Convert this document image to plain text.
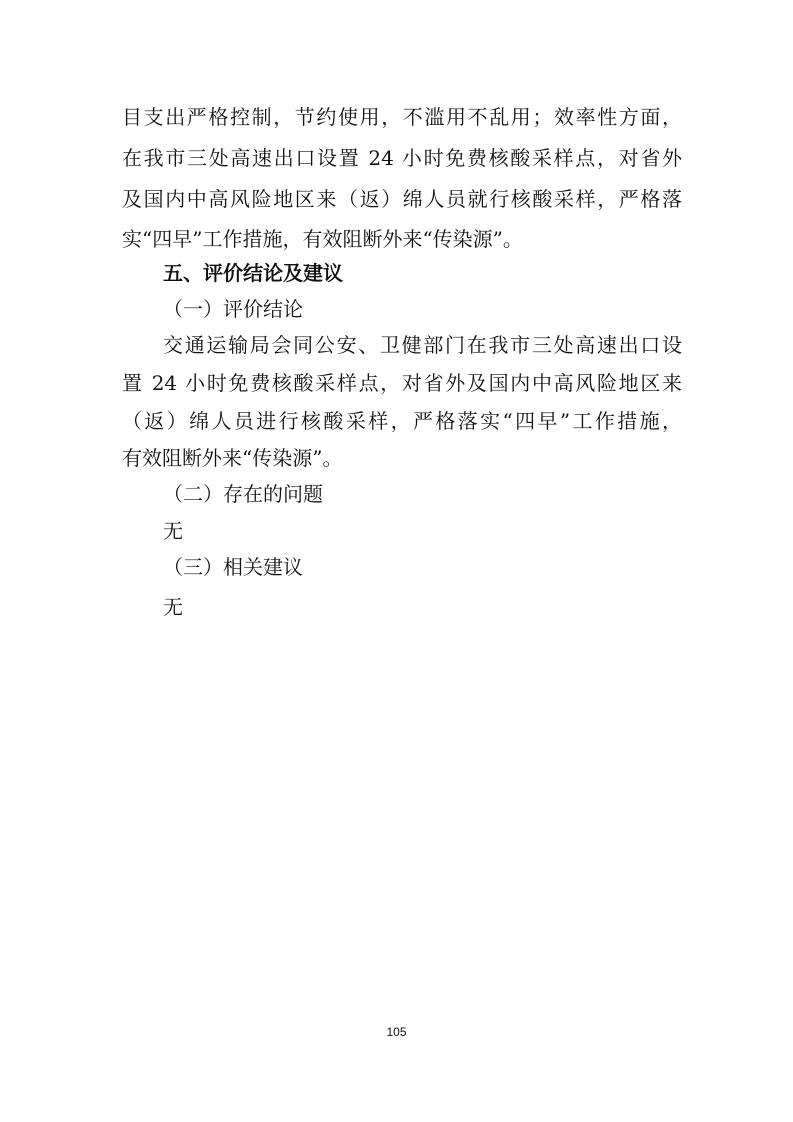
目支出严格控制，节约使用，不滥用不乱用；效率性方面，
在我市三处高速出口设置 24 小时免费核酸采样点，对省外
及国内中高风险地区来（返）绵人员就行核酸采样，严格落
实“四早”工作措施，有效阻断外来“传染源”。
五、评价结论及建议
（一）评价结论
交通运输局会同公安、卫健部门在我市三处高速出口设
置 24 小时免费核酸采样点，对省外及国内中高风险地区来
（返）绵人员进行核酸采样，严格落实“四早”工作措施，
有效阻断外来“传染源”。
（二）存在的问题
无
（三）相关建议
无
105
